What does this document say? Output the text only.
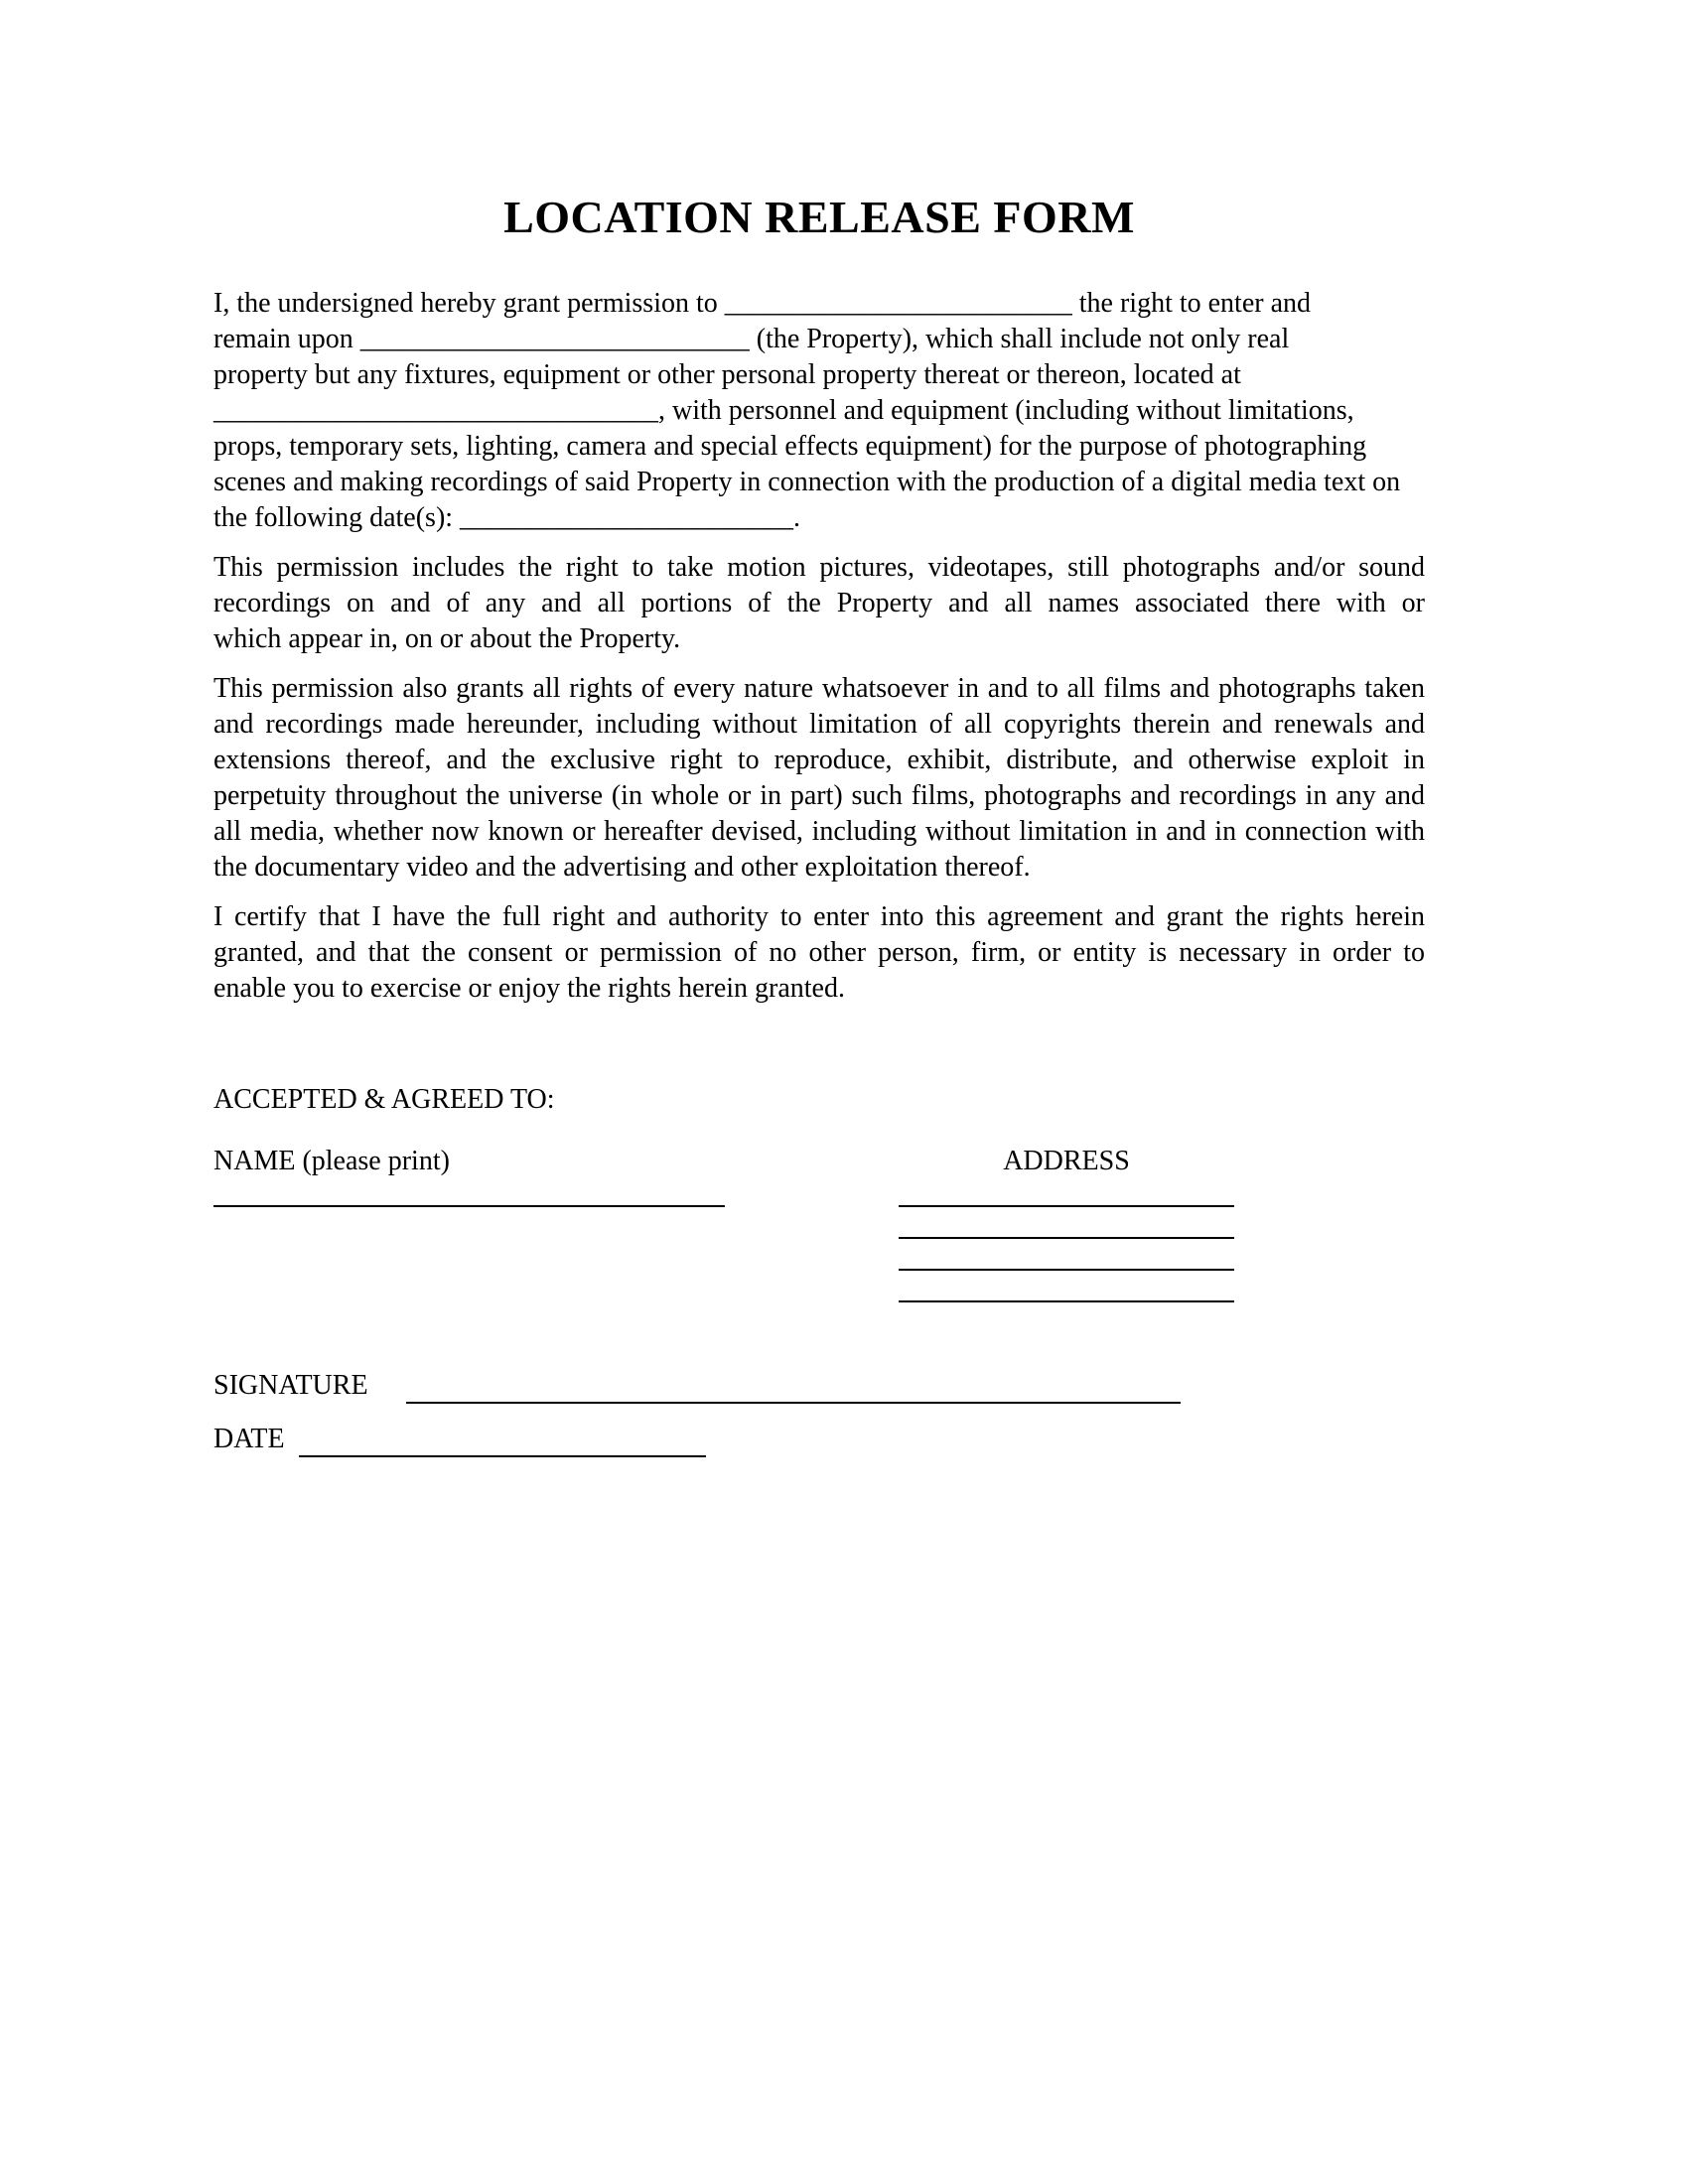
LOCATION RELEASE FORM
I, the undersigned hereby grant permission to _________________________ the right to enter and
remain upon ____________________________ (the Property), which shall include not only real
property but any fixtures, equipment or other personal property thereat or thereon, located at
________________________________, with personnel and equipment (including without limitations,
props, temporary sets, lighting, camera and special effects equipment) for the purpose of photographing
scenes and making recordings of said Property in connection with the production of a digital media text on
the following date(s): ________________________.
This permission includes the right to take motion pictures, videotapes, still photographs and/or sound
recordings on and of any and all portions of the Property and all names associated there with or
which appear in, on or about the Property.
This permission also grants all rights of every nature whatsoever in and to all films and photographs taken
and recordings made hereunder, including without limitation of all copyrights therein and renewals and
extensions thereof, and the exclusive right to reproduce, exhibit, distribute, and otherwise exploit in
perpetuity throughout the universe (in whole or in part) such films, photographs and recordings in any and
all media, whether now known or hereafter devised, including without limitation in and in connection with
the documentary video and the advertising and other exploitation thereof.
I certify that I have the full right and authority to enter into this agreement and grant the rights herein
granted, and that the consent or permission of no other person, firm, or entity is necessary in order to
enable you to exercise or enjoy the rights herein granted.
ACCEPTED & AGREED TO:
NAME (please print)	ADDRESS
SIGNATURE
DATE
